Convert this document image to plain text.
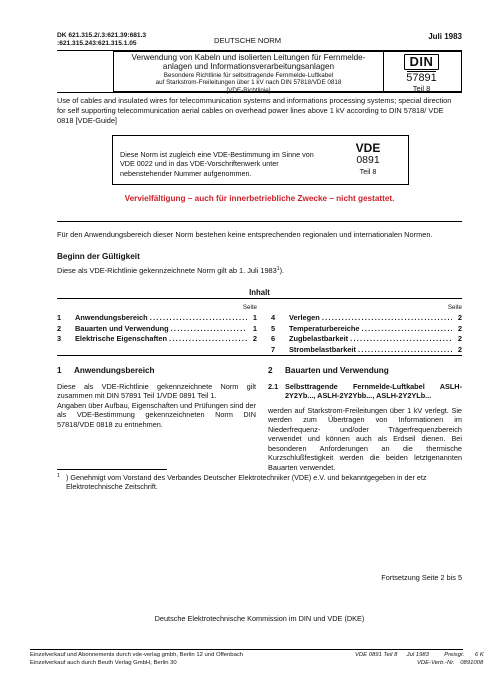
DK 621.315.2/.3:621.39:681.3
:621.315.243:621.315.1.05	DEUTSCHE NORM	Juli 1983
Verwendung von Kabeln und isolierten Leitungen für Fernmelde-
anlagen und Informationsverarbeitungsanlagen
Besondere Richtlinie für selbsttragende Fernmelde-Luftkabel
auf Starkstrom-Freileitungen über 1 kV nach DIN 57818/VDE 0818
[VDE-Richtlinie]
DIN
57891
Teil 8
Use of cables and insulated wires for telecommunication systems and informations processing systems; special direction for self supporting telecommunication aerial cables on overhead power lines above 1 kV according to DIN 57818/ VDE 0818 [VDE-Guide]
Diese Norm ist zugleich eine VDE-Bestimmung im Sinne von VDE 0022 und in das VDE-Vorschriftenwerk unter nebenstehender Nummer aufgenommen.
VDE
0891
Teil 8
Vervielfältigung – auch für innerbetriebliche Zwecke – nicht gestattet.
Für den Anwendungsbereich dieser Norm bestehen keine entsprechenden regionalen und internationalen Normen.
Beginn der Gültigkeit
Diese als VDE-Richtlinie gekennzeichnete Norm gilt ab 1. Juli 1983$^1$).
Inhalt
Seite
1	Anwendungsbereich . . .	1
2	Bauarten und Verwendung . . .	1
3	Elektrische Eigenschaften . . .	2
Seite
4	Verlegen . . .	2
5	Temperaturbereiche . . .	2
6	Zugbelastbarkeit . . .	2
7	Strombelastbarkeit . . .	2
1 Anwendungsbereich

Diese als VDE-Richtlinie gekennzeichnete Norm gilt zusammen mit DIN 57891 Teil 1/VDE 0891 Teil 1.

Angaben über Aufbau, Eigenschaften und Prüfungen sind der als VDE-Bestimmung gekennzeichneten Norm DIN 57818/VDE 0818 zu entnehmen.

2 Bauarten und Verwendung
2.1 Selbsttragende Fernmelde-Luftkabel ASLH-2Y2Yb..., ASLH-2Y2Ybb..., ASLH-2Y2YLb...

werden auf Starkstrom-Freileitungen über 1 kV verlegt. Sie werden zum Übertragen von Informationen im Niederfrequenz- und/oder Trägerfrequenzbereich verwendet und können auch als Erdseil dienen. Bei besonderen Anforderungen an die thermische Kurzschlußfestigkeit werden die beiden letztgenannten Bauarten verwendet.

$^1$ ) Genehmigt vom Vorstand des Verbandes Deutscher Elektrotechniker (VDE) e.V. und bekanntgegeben in der etz Elektrotechnische Zeitschrift.
Fortsetzung Seite 2 bis 5
Deutsche Elektrotechnische Kommission im DIN und VDE (DKE)
Einzelverkauf und Abonnements durch vde-verlag gmbh, Berlin 12 und Offenbach
Einzelverkauf auch durch Beuth Verlag GmbH, Berlin 30
VDE 0891 Teil 8 Jul 1983	Preisgr. 6 K
VDE-Vertr.-Nr. 0891008
